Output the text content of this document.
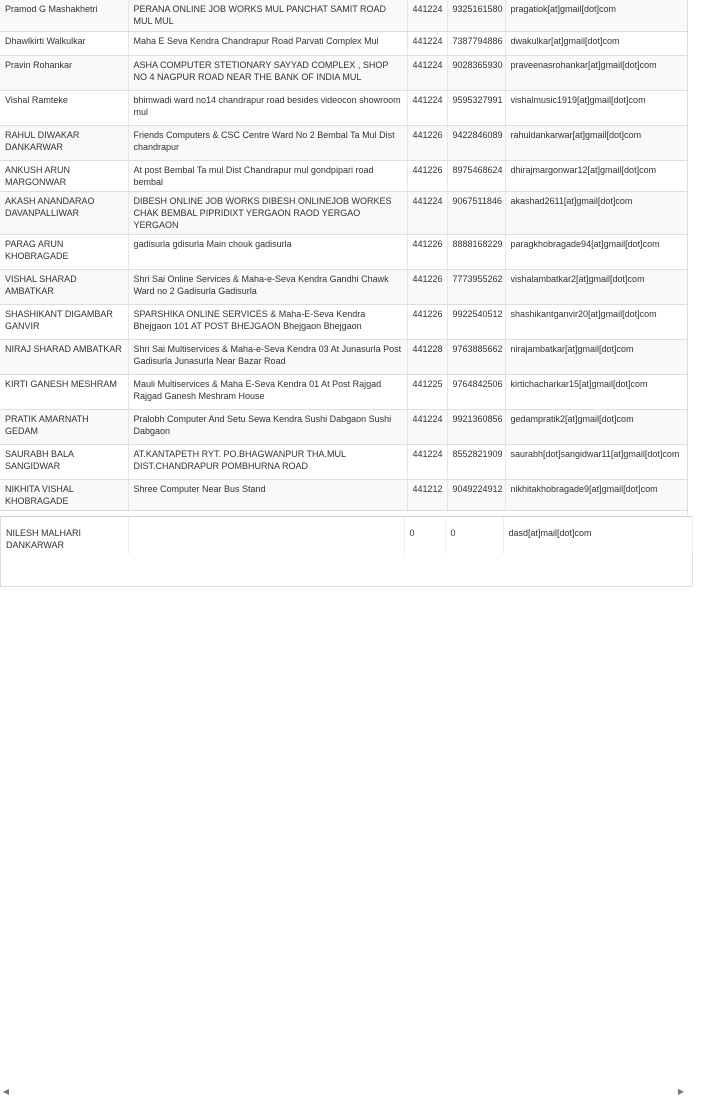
Pramod G Mashakhetri	PERANA ONLINE JOB WORKS MUL PANCHAT SAMIT ROAD MUL MUL	441224	9325161580	pragatiok[at]gmail[dot]com
Dhawlkirti Walkulkar	Maha E Seva Kendra Chandrapur Road Parvati Complex Mul	441224	7387794886	dwakulkar[at]gmail[dot]com
Pravin Rohankar	ASHA COMPUTER STETIONARY SAYYAD COMPLEX , SHOP NO 4 NAGPUR ROAD NEAR THE BANK OF INDIA MUL	441224	9028365930	praveenasrohankar[at]gmail[dot]com
Vishal Ramteke	bhimwadi ward no14 chandrapur road besides videocon showroom mul	441224	9595327991	vishalmusic1919[at]gmail[dot]com
RAHUL DIWAKAR DANKARWAR	Friends Computers & CSC Centre Ward No 2 Bembal Ta Mul Dist chandrapur	441226	9422846089	rahuldankarwar[at]gmail[dot]com
ANKUSH ARUN MARGONWAR	At post Bembal Ta mul Dist Chandrapur mul gondpipari road bembal	441226	8975468624	dhirajmargonwar12[at]gmail[dot]com
AKASH ANANDARAO DAVANPALLIWAR	DIBESH ONLINE JOB WORKS DIBESH ONLINEJOB WORKES CHAK BEMBAL PIPRIDIXT YERGAON RAOD YERGAO YERGAON	441224	9067511846	akashad2611[at]gmail[dot]com
PARAG ARUN KHOBRAGADE	gadisurla gdisurla Main chouk gadisurla	441226	8888168229	paragkhobragade94[at]gmail[dot]com
VISHAL SHARAD AMBATKAR	Shri Sai Online Services & Maha-e-Seva Kendra Gandhi Chawk Ward no 2 Gadisurla Gadisurla	441226	7773955262	vishalambatkar2[at]gmail[dot]com
SHASHIKANT DIGAMBAR GANVIR	SPARSHIKA ONLINE SERVICES & Maha-E-Seva Kendra Bhejgaon 101 AT POST BHEJGAON Bhejgaon Bhejgaon	441226	9922540512	shashikantganvir20[at]gmail[dot]com
NIRAJ SHARAD AMBATKAR	Shri Sai Multiservices & Maha-e-Seva Kendra 03 At Junasurla Post Gadisurla Junasurla Near Bazar Road	441228	9763885662	nirajambatkar[at]gmail[dot]com
KIRTI GANESH MESHRAM	Mauli Multiservices & Maha E-Seva Kendra 01 At Post Rajgad Rajgad Ganesh Meshram House	441225	9764842506	kirtichacharkar15[at]gmail[dot]com
PRATIK AMARNATH GEDAM	Pralobh Computer And Setu Sewa Kendra Sushi Dabgaon Sushi Dabgaon	441224	9921360856	gedampratik2[at]gmail[dot]com
SAURABH BALA SANGIDWAR	AT.KANTAPETH RYT. PO.BHAGWANPUR THA.MUL DIST.CHANDRAPUR POMBHURNA ROAD	441224	8552821909	saurabh[dot]sangidwar11[at]gmail[dot]com
NIKHITA VISHAL KHOBRAGADE	Shree Computer Near Bus Stand	441212	9049224912	nikhitakhobragade9[at]gmail[dot]com
NILESH MALHARI DANKARWAR		0	0	dasd[at]mail[dot]com
◀	▶
